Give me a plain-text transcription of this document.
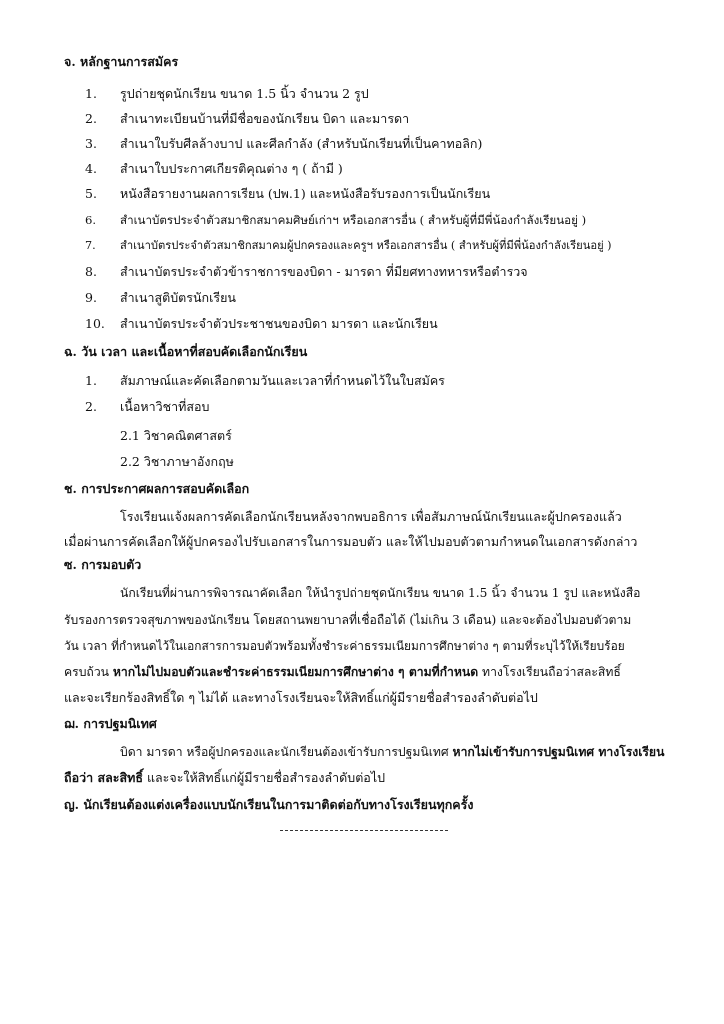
จ. หลักฐานการสมัคร
1.	รูปถ่ายชุดนักเรียน ขนาด 1.5 นิ้ว จำนวน 2 รูป
2.	สำเนาทะเบียนบ้านที่มีชื่อของนักเรียน บิดา และมารดา
3.	สำเนาใบรับศีลล้างบาป และศีลกำลัง (สำหรับนักเรียนที่เป็นคาทอลิก)
4.	สำเนาใบประกาศเกียรติคุณต่าง ๆ ( ถ้ามี )
5.	หนังสือรายงานผลการเรียน (ปพ.1) และหนังสือรับรองการเป็นนักเรียน
6.	สำเนาบัตรประจำตัวสมาชิกสมาคมศิษย์เก่าฯ หรือเอกสารอื่น ( สำหรับผู้ที่มีพี่น้องกำลังเรียนอยู่ )
7.	สำเนาบัตรประจำตัวสมาชิกสมาคมผู้ปกครองและครูฯ หรือเอกสารอื่น ( สำหรับผู้ที่มีพี่น้องกำลังเรียนอยู่ )
8.	สำเนาบัตรประจำตัวข้าราชการของบิดา - มารดา ที่มียศทางทหารหรือตำรวจ
9.	สำเนาสูติบัตรนักเรียน
10.	สำเนาบัตรประจำตัวประชาชนของบิดา มารดา และนักเรียน
ฉ. วัน เวลา และเนื้อหาที่สอบคัดเลือกนักเรียน
1.	สัมภาษณ์และคัดเลือกตามวันและเวลาที่กำหนดไว้ในใบสมัคร
2.	เนื้อหาวิชาที่สอบ
2.1 วิชาคณิตศาสตร์
2.2 วิชาภาษาอังกฤษ
ช. การประกาศผลการสอบคัดเลือก
โรงเรียนแจ้งผลการคัดเลือกนักเรียนหลังจากพบอธิการ เพื่อสัมภาษณ์นักเรียนและผู้ปกครองแล้ว
เมื่อผ่านการคัดเลือกให้ผู้ปกครองไปรับเอกสารในการมอบตัว และให้ไปมอบตัวตามกำหนดในเอกสารดังกล่าว
ซ. การมอบตัว
นักเรียนที่ผ่านการพิจารณาคัดเลือก ให้นำรูปถ่ายชุดนักเรียน ขนาด 1.5 นิ้ว จำนวน 1 รูป และหนังสือ
รับรองการตรวจสุขภาพของนักเรียน โดยสถานพยาบาลที่เชื่อถือได้ (ไม่เกิน 3 เดือน) และจะต้องไปมอบตัวตาม
วัน เวลา ที่กำหนดไว้ในเอกสารการมอบตัวพร้อมทั้งชำระค่าธรรมเนียมการศึกษาต่าง ๆ ตามที่ระบุไว้ให้เรียบร้อย
ครบถ้วน หากไม่ไปมอบตัวและชำระค่าธรรมเนียมการศึกษาต่าง ๆ ตามที่กำหนด ทางโรงเรียนถือว่าสละสิทธิ์
และจะเรียกร้องสิทธิ์ใด ๆ ไม่ได้ และทางโรงเรียนจะให้สิทธิ์แก่ผู้มีรายชื่อสำรองลำดับต่อไป
ฌ. การปฐมนิเทศ
บิดา มารดา หรือผู้ปกครองและนักเรียนต้องเข้ารับการปฐมนิเทศ หากไม่เข้ารับการปฐมนิเทศ ทางโรงเรียน
ถือว่า สละสิทธิ์ และจะให้สิทธิ์แก่ผู้มีรายชื่อสำรองลำดับต่อไป
ญ. นักเรียนต้องแต่งเครื่องแบบนักเรียนในการมาติดต่อกับทางโรงเรียนทุกครั้ง
